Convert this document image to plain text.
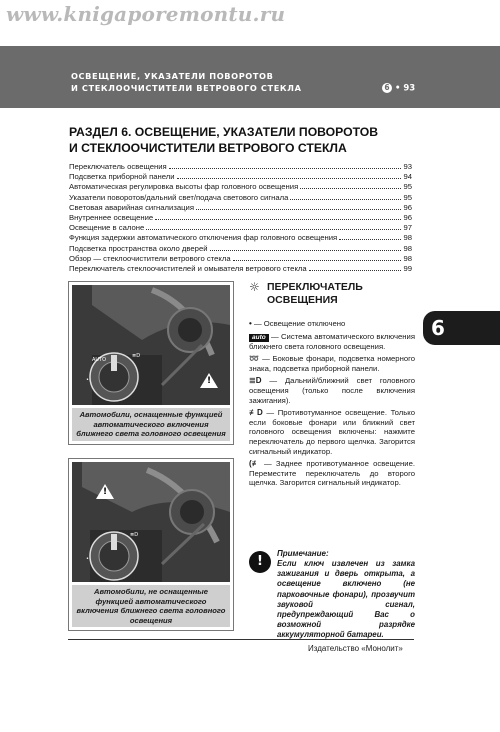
www.knigaporemontu.ru
ОСВЕЩЕНИЕ, УКАЗАТЕЛИ ПОВОРОТОВ
И СТЕКЛООЧИСТИТЕЛИ ВЕТРОВОГО СТЕКЛА	6 • 93
РАЗДЕЛ 6. ОСВЕЩЕНИЕ, УКАЗАТЕЛИ ПОВОРОТОВ
И СТЕКЛООЧИСТИТЕЛИ ВЕТРОВОГО СТЕКЛА
Переключатель освещения	93
Подсветка приборной панели	94
Автоматическая регулировка высоты фар головного освещения	95
Указатели поворотов/дальний свет/подача светового сигнала	95
Световая аварийная сигнализация	96
Внутреннее освещение	96
Освещение в салоне	97
Функция задержки автоматического отключения фар головного освещения	98
Подсветка пространства около дверей	98
Обзор — стеклоочистители ветрового стекла	98
Переключатель стеклоочистителей и омывателя ветрового стекла	99
6
AUTO
≣D
•
!
Автомобили, оснащенные функцией автоматического включения ближнего света головного освещения
≣D
•
!
Автомобили, не оснащенные функцией автоматического включения ближнего света головного освещения
☼ ПЕРЕКЛЮЧАТЕЛЬ
ОСВЕЩЕНИЯ
• — Освещение отключено
auto — Система автоматического включения ближнего света головного освещения.
➿ — Боковые фонари, подсветка номерного знака, подсветка приборной панели.
≣D — Дальний/ближний свет головного освещения (только после включения зажигания).
≢D — Противотуманное освещение. Только если боковые фонари или ближний свет головного освещения включены: нажмите переключатель до первого щелчка. Загорится сигнальный индикатор.
(≢ — Заднее противотуманное освещение. Переместите переключатель до второго щелчка. Загорится сигнальный индикатор.
!
Примечание:
Если ключ извлечен из замка зажигания и дверь открыта, а освещение включено (не парковочные фонари), прозвучит звуковой сигнал, предупреждающий Вас о возможной разрядке аккумуляторной батареи.
Издательство «Монолит»
